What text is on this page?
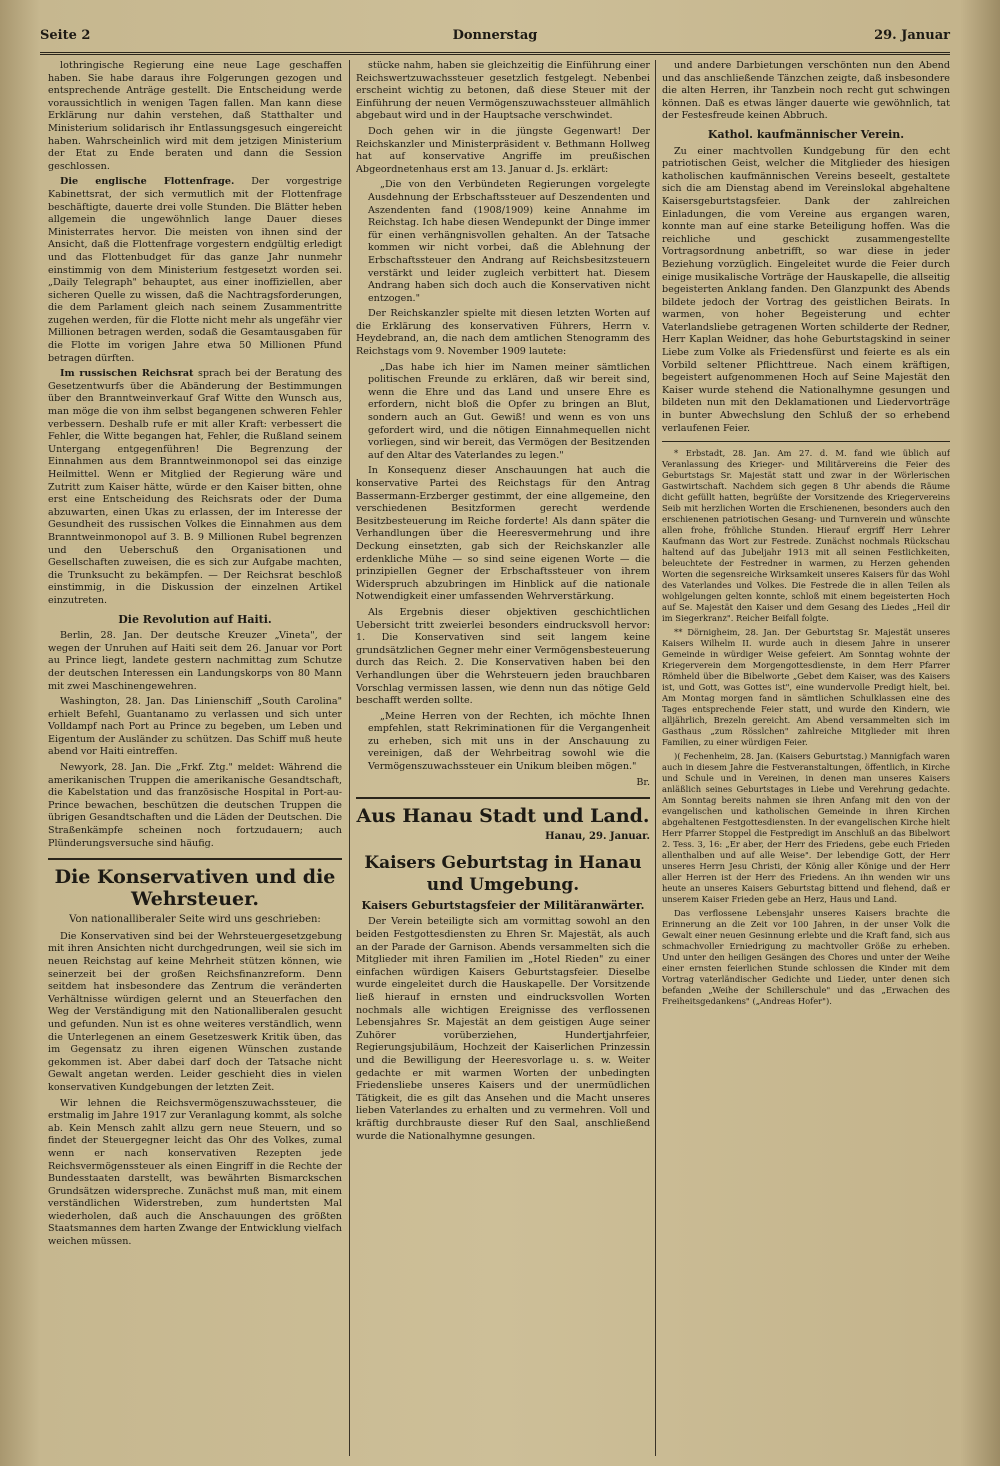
Seite 2	Donnerstag	29. Januar

lothringische Regierung eine neue Lage geschaffen haben. Sie habe daraus ihre Folgerungen gezogen und entsprechende Anträge gestellt. Die Entscheidung werde voraussichtlich in wenigen Tagen fallen. Man kann diese Erklärung nur dahin verstehen, daß Statthalter und Ministerium solidarisch ihr Entlassungsgesuch eingereicht haben. Wahrscheinlich wird mit dem jetzigen Ministerium der Etat zu Ende beraten und dann die Session geschlossen.

Die englische Flottenfrage. Der vorgestrige Kabinettsrat, der sich vermutlich mit der Flottenfrage beschäftigte, dauerte drei volle Stunden. Die Blätter heben allgemein die ungewöhnlich lange Dauer dieses Ministerrates hervor. Die meisten von ihnen sind der Ansicht, daß die Flottenfrage vorgestern endgültig erledigt und das Flottenbudget für das ganze Jahr nunmehr einstimmig von dem Ministerium festgesetzt worden sei. „Daily Telegraph" behauptet, aus einer inoffiziellen, aber sicheren Quelle zu wissen, daß die Nachtragsforderungen, die dem Parlament gleich nach seinem Zusammentritte zugehen werden, für die Flotte nicht mehr als ungefähr vier Millionen betragen werden, sodaß die Gesamtausgaben für die Flotte im vorigen Jahre etwa 50 Millionen Pfund betragen dürften.

Im russischen Reichsrat sprach bei der Beratung des Gesetzentwurfs über die Abänderung der Bestimmungen über den Branntweinverkauf Graf Witte den Wunsch aus, man möge die von ihm selbst begangenen schweren Fehler verbessern. Deshalb rufe er mit aller Kraft: verbessert die Fehler, die Witte begangen hat, Fehler, die Rußland seinem Untergang entgegenführen! Die Begrenzung der Einnahmen aus dem Branntweinmonopol sei das einzige Heilmittel. Wenn er Mitglied der Regierung wäre und Zutritt zum Kaiser hätte, würde er den Kaiser bitten, ohne erst eine Entscheidung des Reichsrats oder der Duma abzuwarten, einen Ukas zu erlassen, der im Interesse der Gesundheit des russischen Volkes die Einnahmen aus dem Branntweinmonopol auf 3. B. 9 Millionen Rubel begrenzen und den Ueberschuß den Organisationen und Gesellschaften zuweisen, die es sich zur Aufgabe machten, die Trunksucht zu bekämpfen. — Der Reichsrat beschloß einstimmig, in die Diskussion der einzelnen Artikel einzutreten.

Die Revolution auf Haiti.

Berlin, 28. Jan. Der deutsche Kreuzer „Vineta", der wegen der Unruhen auf Haiti seit dem 26. Januar vor Port au Prince liegt, landete gestern nachmittag zum Schutze der deutschen Interessen ein Landungskorps von 80 Mann mit zwei Maschinengewehren.

Washington, 28. Jan. Das Linienschiff „South Carolina" erhielt Befehl, Guantanamo zu verlassen und sich unter Volldampf nach Port au Prince zu begeben, um Leben und Eigentum der Ausländer zu schützen. Das Schiff muß heute abend vor Haiti eintreffen.

Newyork, 28. Jan. Die „Frkf. Ztg." meldet: Während die amerikanischen Truppen die amerikanische Gesandtschaft, die Kabelstation und das französische Hospital in Port-au-Prince bewachen, beschützen die deutschen Truppen die übrigen Gesandtschaften und die Läden der Deutschen. Die Straßenkämpfe scheinen noch fortzudauern; auch Plünderungsversuche sind häufig.

Die Konservativen und die Wehrsteuer.
Von nationalliberaler Seite wird uns geschrieben:

Die Konservativen sind bei der Wehrsteuergesetzgebung mit ihren Ansichten nicht durchgedrungen, weil sie sich im neuen Reichstag auf keine Mehrheit stützen können, wie seinerzeit bei der großen Reichsfinanzreform. Denn seitdem hat insbesondere das Zentrum die veränderten Verhältnisse würdigen gelernt und an Steuerfachen den Weg der Verständigung mit den Nationalliberalen gesucht und gefunden. Nun ist es ohne weiteres verständlich, wenn die Unterlegenen an einem Gesetzeswerk Kritik üben, das im Gegensatz zu ihren eigenen Wünschen zustande gekommen ist. Aber dabei darf doch der Tatsache nicht Gewalt angetan werden. Leider geschieht dies in vielen konservativen Kundgebungen der letzten Zeit.

Wir lehnen die Reichsvermögenszuwachssteuer, die erstmalig im Jahre 1917 zur Veranlagung kommt, als solche ab. Kein Mensch zahlt allzu gern neue Steuern, und so findet der Steuergegner leicht das Ohr des Volkes, zumal wenn er nach konservativen Rezepten jede Reichsvermögenssteuer als einen Eingriff in die Rechte der Bundesstaaten darstellt, was bewährten Bismarckschen Grundsätzen widerspreche. Zunächst muß man, mit einem verständlichen Widerstreben, zum hundertsten Mal wiederholen, daß auch die Anschauungen des größten Staatsmannes dem harten Zwange der Entwicklung vielfach weichen müssen.

stücke nahm, haben sie gleichzeitig die Einführung einer Reichswertzuwachssteuer gesetzlich festgelegt. Nebenbei erscheint wichtig zu betonen, daß diese Steuer mit der Einführung der neuen Vermögenszuwachssteuer allmählich abgebaut wird und in der Hauptsache verschwindet.

Doch gehen wir in die jüngste Gegenwart! Der Reichskanzler und Ministerpräsident v. Bethmann Hollweg hat auf konservative Angriffe im preußischen Abgeordnetenhaus erst am 13. Januar d. Js. erklärt:

„Die von den Verbündeten Regierungen vorgelegte Ausdehnung der Erbschaftssteuer auf Deszendenten und Aszendenten fand (1908/1909) keine Annahme im Reichstag. Ich habe diesen Wendepunkt der Dinge immer für einen verhängnisvollen gehalten. An der Tatsache kommen wir nicht vorbei, daß die Ablehnung der Erbschaftssteuer den Andrang auf Reichsbesitzsteuern verstärkt und leider zugleich verbittert hat. Diesem Andrang haben sich doch auch die Konservativen nicht entzogen."

Der Reichskanzler spielte mit diesen letzten Worten auf die Erklärung des konservativen Führers, Herrn v. Heydebrand, an, die nach dem amtlichen Stenogramm des Reichstags vom 9. November 1909 lautete:

„Das habe ich hier im Namen meiner sämtlichen politischen Freunde zu erklären, daß wir bereit sind, wenn die Ehre und das Land und unsere Ehre es erfordern, nicht bloß die Opfer zu bringen an Blut, sondern auch an Gut. Gewiß! und wenn es von uns gefordert wird, und die nötigen Einnahmequellen nicht vorliegen, sind wir bereit, das Vermögen der Besitzenden auf den Altar des Vaterlandes zu legen."

In Konsequenz dieser Anschauungen hat auch die konservative Partei des Reichstags für den Antrag Bassermann-Erzberger gestimmt, der eine allgemeine, den verschiedenen Besitzformen gerecht werdende Besitzbesteuerung im Reiche forderte! Als dann später die Verhandlungen über die Heeresvermehrung und ihre Deckung einsetzten, gab sich der Reichskanzler alle erdenkliche Mühe — so sind seine eigenen Worte — die prinzipiellen Gegner der Erbschaftssteuer von ihrem Widerspruch abzubringen im Hinblick auf die nationale Notwendigkeit einer umfassenden Wehrverstärkung.

Als Ergebnis dieser objektiven geschichtlichen Uebersicht tritt zweierlei besonders eindrucksvoll hervor: 1. Die Konservativen sind seit langem keine grundsätzlichen Gegner mehr einer Vermögensbesteuerung durch das Reich. 2. Die Konservativen haben bei den Verhandlungen über die Wehrsteuern jeden brauchbaren Vorschlag vermissen lassen, wie denn nun das nötige Geld beschafft werden sollte.

„Meine Herren von der Rechten, ich möchte Ihnen empfehlen, statt Rekriminationen für die Vergangenheit zu erheben, sich mit uns in der Anschauung zu vereinigen, daß der Wehrbeitrag sowohl wie die Vermögenszuwachssteuer ein Unikum bleiben mögen."

Br.
Aus Hanau Stadt und Land.
Hanau, 29. Januar.
Kaisers Geburtstag in Hanau und Umgebung.
Kaisers Geburtstagsfeier der Militäranwärter.

Der Verein beteiligte sich am vormittag sowohl an den beiden Festgottesdiensten zu Ehren Sr. Majestät, als auch an der Parade der Garnison. Abends versammelten sich die Mitglieder mit ihren Familien im „Hotel Rieden" zu einer einfachen würdigen Kaisers Geburtstagsfeier. Dieselbe wurde eingeleitet durch die Hauskapelle. Der Vorsitzende ließ hierauf in ernsten und eindrucksvollen Worten nochmals alle wichtigen Ereignisse des verflossenen Lebensjahres Sr. Majestät an dem geistigen Auge seiner Zuhörer vorüberziehen, Hundertjahrfeier, Regierungsjubiläum, Hochzeit der Kaiserlichen Prinzessin und die Bewilligung der Heeresvorlage u. s. w. Weiter gedachte er mit warmen Worten der unbedingten Friedensliebe unseres Kaisers und der unermüdlichen Tätigkeit, die es gilt das Ansehen und die Macht unseres lieben Vaterlandes zu erhalten und zu vermehren. Voll und kräftig durchbrauste dieser Ruf den Saal, anschließend wurde die Nationalhymne gesungen.

und andere Darbietungen verschönten nun den Abend und das anschließende Tänzchen zeigte, daß insbesondere die alten Herren, ihr Tanzbein noch recht gut schwingen können. Daß es etwas länger dauerte wie gewöhnlich, tat der Festesfreude keinen Abbruch.

Kathol. kaufmännischer Verein.

Zu einer machtvollen Kundgebung für den echt patriotischen Geist, welcher die Mitglieder des hiesigen katholischen kaufmännischen Vereins beseelt, gestaltete sich die am Dienstag abend im Vereinslokal abgehaltene Kaisersgeburtstagsfeier. Dank der zahlreichen Einladungen, die vom Vereine aus ergangen waren, konnte man auf eine starke Beteiligung hoffen. Was die reichliche und geschickt zusammengestellte Vortragsordnung anbetrifft, so war diese in jeder Beziehung vorzüglich. Eingeleitet wurde die Feier durch einige musikalische Vorträge der Hauskapelle, die allseitig begeisterten Anklang fanden. Den Glanzpunkt des Abends bildete jedoch der Vortrag des geistlichen Beirats. In warmen, von hoher Begeisterung und echter Vaterlandsliebe getragenen Worten schilderte der Redner, Herr Kaplan Weidner, das hohe Geburtstagskind in seiner Liebe zum Volke als Friedensfürst und feierte es als ein Vorbild seltener Pflichttreue. Nach einem kräftigen, begeistert aufgenommenen Hoch auf Seine Majestät den Kaiser wurde stehend die Nationalhymne gesungen und bildeten nun mit den Deklamationen und Liedervorträge in bunter Abwechslung den Schluß der so erhebend verlaufenen Feier.

* Erbstadt, 28. Jan. Am 27. d. M. fand wie üblich auf Veranlassung des Krieger- und Militärvereins die Feier des Geburtstags Sr. Majestät statt und zwar in der Wörlerischen Gastwirtschaft. Nachdem sich gegen 8 Uhr abends die Räume dicht gefüllt hatten, begrüßte der Vorsitzende des Kriegervereins Seib mit herzlichen Worten die Erschienenen, besonders auch den erschienenen patriotischen Gesang- und Turnverein und wünschte allen frohe, fröhliche Stunden. Hierauf ergriff Herr Lehrer Kaufmann das Wort zur Festrede. Zunächst nochmals Rückschau haltend auf das Jubeljahr 1913 mit all seinen Festlichkeiten, beleuchtete der Festredner in warmen, zu Herzen gehenden Worten die segensreiche Wirksamkeit unseres Kaisers für das Wohl des Vaterlandes und Volkes. Die Festrede die in allen Teilen als wohlgelungen gelten konnte, schloß mit einem begeisterten Hoch auf Se. Majestät den Kaiser und dem Gesang des Liedes „Heil dir im Siegerkranz". Reicher Beifall folgte.

** Dörnigheim, 28. Jan. Der Geburtstag Sr. Majestät unseres Kaisers Wilhelm II. wurde auch in diesem Jahre in unserer Gemeinde in würdiger Weise gefeiert. Am Sonntag wohnte der Kriegerverein dem Morgengottesdienste, in dem Herr Pfarrer Römheld über die Bibelworte „Gebet dem Kaiser, was des Kaisers ist, und Gott, was Gottes ist", eine wundervolle Predigt hielt, bei. Am Montag morgen fand in sämtlichen Schulklassen eine des Tages entsprechende Feier statt, und wurde den Kindern, wie alljährlich, Brezeln gereicht. Am Abend versammelten sich im Gasthaus „zum Rösslchen" zahlreiche Mitglieder mit ihren Familien, zu einer würdigen Feier.

)( Fechenheim, 28. Jan. (Kaisers Geburtstag.) Mannigfach waren auch in diesem Jahre die Festveranstaltungen, öffentlich, in Kirche und Schule und in Vereinen, in denen man unseres Kaisers anläßlich seines Geburtstages in Liebe und Verehrung gedachte. Am Sonntag bereits nahmen sie ihren Anfang mit den von der evangelischen und katholischen Gemeinde in ihren Kirchen abgehaltenen Festgottesdiensten. In der evangelischen Kirche hielt Herr Pfarrer Stoppel die Festpredigt im Anschluß an das Bibelwort 2. Tess. 3, 16: „Er aber, der Herr des Friedens, gebe euch Frieden allenthalben und auf alle Weise". Der lebendige Gott, der Herr unseres Herrn Jesu Christi, der König aller Könige und der Herr aller Herren ist der Herr des Friedens. An ihn wenden wir uns heute an unseres Kaisers Geburtstag bittend und flehend, daß er unserem Kaiser Frieden gebe an Herz, Haus und Land.

Das verflossene Lebensjahr unseres Kaisers brachte die Erinnerung an die Zeit vor 100 Jahren, in der unser Volk die Gewalt einer neuen Gesinnung erlebte und die Kraft fand, sich aus schmachvoller Erniedrigung zu machtvoller Größe zu erheben. Und unter den heiligen Gesängen des Chores und unter der Weihe einer ernsten feierlichen Stunde schlossen die Kinder mit dem Vortrag vaterländischer Gedichte und Lieder, unter denen sich befanden „Weihe der Schillerschule" und das „Erwachen des Freiheitsgedankens" („Andreas Hofer").
